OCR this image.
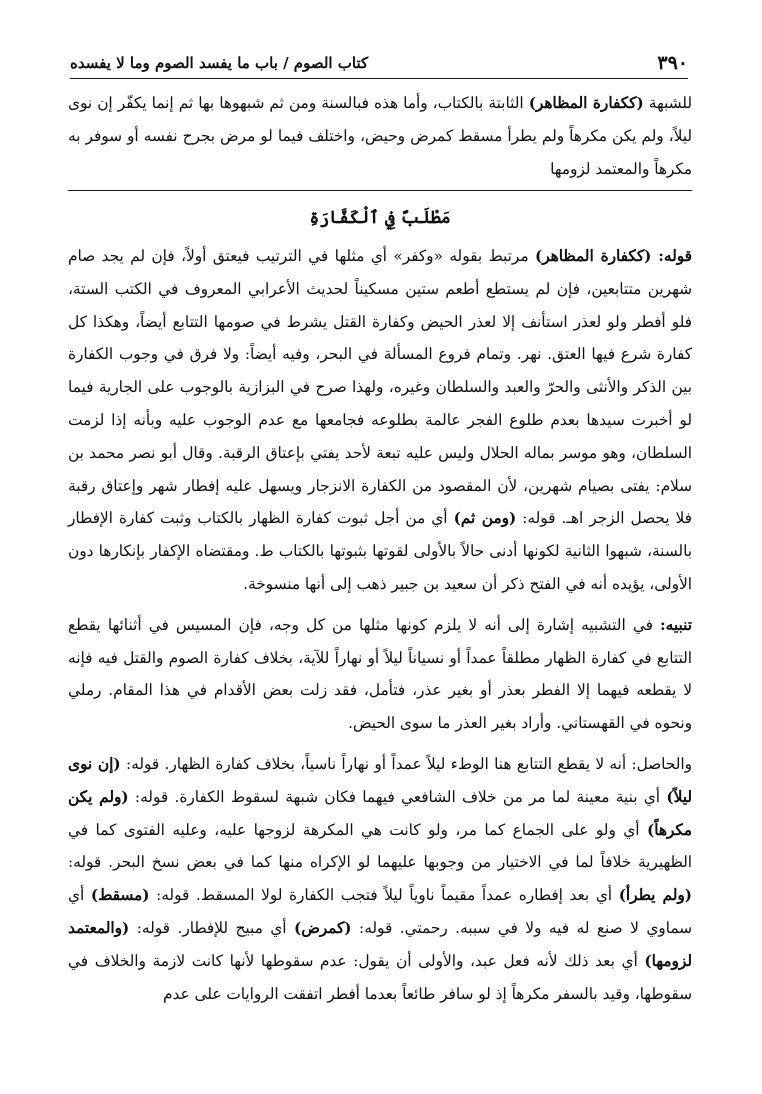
٣٩٠
كتاب الصوم / باب ما يفسد الصوم وما لا يفسده

للشبهة (ككفارة المظاهر) الثابتة بالكتاب، وأما هذه فبالسنة ومن ثم شبهوها بها ثم إنما يكفّر إن نوى ليلاً، ولم يكن مكرهاً ولم يطرأ مسقط كمرض وحيض، واختلف فيما لو مرض بجرح نفسه أو سوفر به مكرهاً والمعتمد لزومها

مَطْلَبٌ فِي ٱلْكَفَّارَةِ

قوله: (ككفارة المظاهر) مرتبط بقوله «وكفر» أي مثلها في الترتيب فيعتق أولاً، فإن لم يجد صام شهرين متتابعين، فإن لم يستطع أطعم ستين مسكيناً لحديث الأعرابي المعروف في الكتب الستة، فلو أفطر ولو لعذر استأنف إلا لعذر الحيض وكفارة القتل يشرط في صومها التتابع أيضاً، وهكذا كل كفارة شرع فيها العتق. نهر. وتمام فروع المسألة في البحر، وفيه أيضاً: ولا فرق في وجوب الكفارة بين الذكر والأنثى والحرّ والعبد والسلطان وغيره، ولهذا صرح في البزازية بالوجوب على الجارية فيما لو أخبرت سيدها بعدم طلوع الفجر عالمة بطلوعه فجامعها مع عدم الوجوب عليه وبأنه إذا لزمت السلطان، وهو موسر بماله الحلال وليس عليه تبعة لأحد يفتي بإعتاق الرقبة. وقال أبو نصر محمد بن سلام: يفتى بصيام شهرين، لأن المقصود من الكفارة الانزجار ويسهل عليه إفطار شهر وإعتاق رقبة فلا يحصل الزجر اهـ. قوله: (ومن ثم) أي من أجل ثبوت كفارة الظهار بالكتاب وثبت كفارة الإفطار بالسنة، شبهوا الثانية لكونها أدنى حالاً بالأولى لقوتها بثبوتها بالكتاب ط. ومقتضاه الإكفار بإنكارها دون الأولى، يؤيده أنه في الفتح ذكر أن سعيد بن جبير ذهب إلى أنها منسوخة.

تنبيه: في التشبيه إشارة إلى أنه لا يلزم كونها مثلها من كل وجه، فإن المسيس في أثنائها يقطع التتابع في كفارة الظهار مطلقاً عمداً أو نسياناً ليلاً أو نهاراً للآية، بخلاف كفارة الصوم والقتل فيه فإنه لا يقطعه فيهما إلا الفطر بعذر أو بغير عذر، فتأمل، فقد زلت بعض الأقدام في هذا المقام. رملي ونحوه في القهستاني. وأراد بغير العذر ما سوى الحيض.

والحاصل: أنه لا يقطع التتابع هنا الوطء ليلاً عمداً أو نهاراً ناسياً، بخلاف كفارة الظهار. قوله: (إن نوى ليلاً) أي بنية معينة لما مر من خلاف الشافعي فيهما فكان شبهة لسقوط الكفارة. قوله: (ولم يكن مكرهاً) أي ولو على الجماع كما مر، ولو كانت هي المكرهة لزوجها عليه، وعليه الفتوى كما في الظهيرية خلافاً لما في الاختيار من وجوبها عليهما لو الإكراه منها كما في بعض نسخ البحر. قوله: (ولم يطرأ) أي بعد إفطاره عمداً مقيماً ناوياً ليلاً فتجب الكفارة لولا المسقط. قوله: (مسقط) أي سماوي لا صنع له فيه ولا في سببه. رحمتي. قوله: (كمرض) أي مبيح للإفطار. قوله: (والمعتمد لزومها) أي بعد ذلك لأنه فعل عبد، والأولى أن يقول: عدم سقوطها لأنها كانت لازمة والخلاف في سقوطها، وقيد بالسفر مكرهاً إذ لو سافر طائعاً بعدما أفطر اتفقت الروايات على عدم
